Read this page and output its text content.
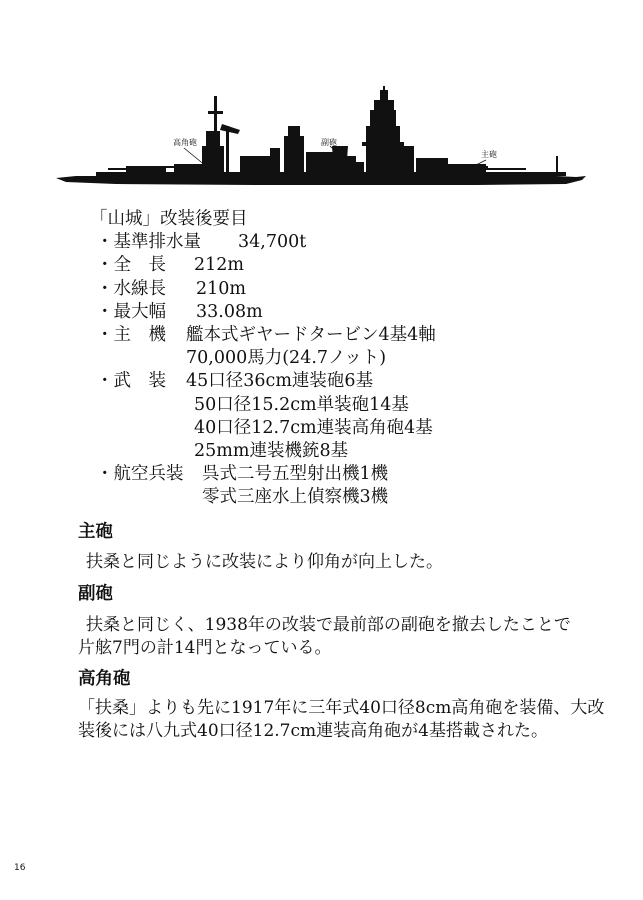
高角砲	副砲
主砲
「山城」改装後要目
・基準排水量 34,700t
・全　長 212m
・水線長 210m
・最大幅 33.08m
・主　機 艦本式ギヤードタービン4基4軸
70,000馬力(24.7ノット)
・武　装 45口径36cm連装砲6基
50口径15.2cm単装砲14基
40口径12.7cm連装高角砲4基
25mm連装機銃8基
・航空兵装 呉式二号五型射出機1機
零式三座水上偵察機3機
主砲
扶桑と同じように改装により仰角が向上した。
副砲
扶桑と同じく、1938年の改装で最前部の副砲を撤去したことで
片舷7門の計14門となっている。
高角砲
「扶桑」よりも先に1917年に三年式40口径8cm高角砲を装備、大改
装後には八九式40口径12.7cm連装高角砲が4基搭載された。
16
